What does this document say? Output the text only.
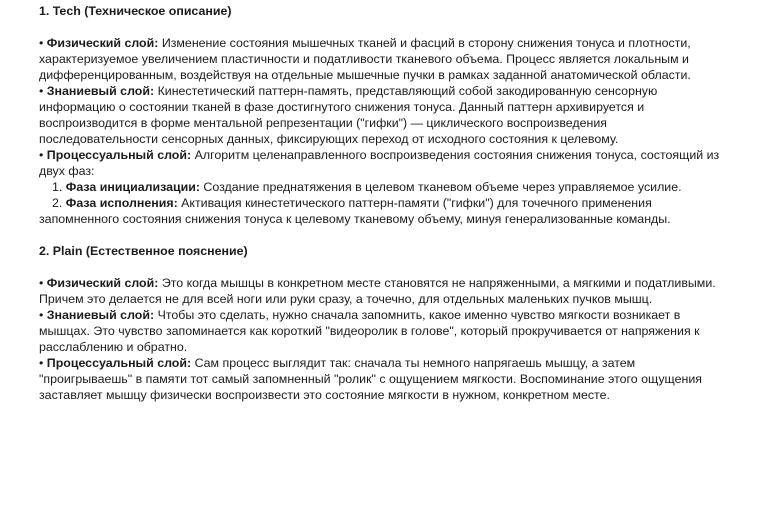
1. Tech (Техническое описание)

• Физический слой: Изменение состояния мышечных тканей и фасций в сторону снижения тонуса и плотности, характеризуемое увеличением пластичности и податливости тканевого объема. Процесс является локальным и дифференцированным, воздействуя на отдельные мышечные пучки в рамках заданной анатомической области.

• Знаниевый слой: Кинестетический паттерн-память, представляющий собой закодированную сенсорную информацию о состоянии тканей в фазе достигнутого снижения тонуса. Данный паттерн архивируется и воспроизводится в форме ментальной репрезентации ("гифки") — циклического воспроизведения последовательности сенсорных данных, фиксирующих переход от исходного состояния к целевому.

• Процессуальный слой: Алгоритм целенаправленного воспроизведения состояния снижения тонуса, состоящий из двух фаз:

1. Фаза инициализации: Создание преднатяжения в целевом тканевом объеме через управляемое усилие.

2. Фаза исполнения: Активация кинестетического паттерн-памяти ("гифки") для точечного применения запомненного состояния снижения тонуса к целевому тканевому объему, минуя генерализованные команды.

2. Plain (Естественное пояснение)

• Физический слой: Это когда мышцы в конкретном месте становятся не напряженными, а мягкими и податливыми. Причем это делается не для всей ноги или руки сразу, а точечно, для отдельных маленьких пучков мышц.

• Знаниевый слой: Чтобы это сделать, нужно сначала запомнить, какое именно чувство мягкости возникает в мышцах. Это чувство запоминается как короткий "видеоролик в голове", который прокручивается от напряжения к расслаблению и обратно.

• Процессуальный слой: Сам процесс выглядит так: сначала ты немного напрягаешь мышцу, а затем "проигрываешь" в памяти тот самый запомненный "ролик" с ощущением мягкости. Воспоминание этого ощущения заставляет мышцу физически воспроизвести это состояние мягкости в нужном, конкретном месте.
